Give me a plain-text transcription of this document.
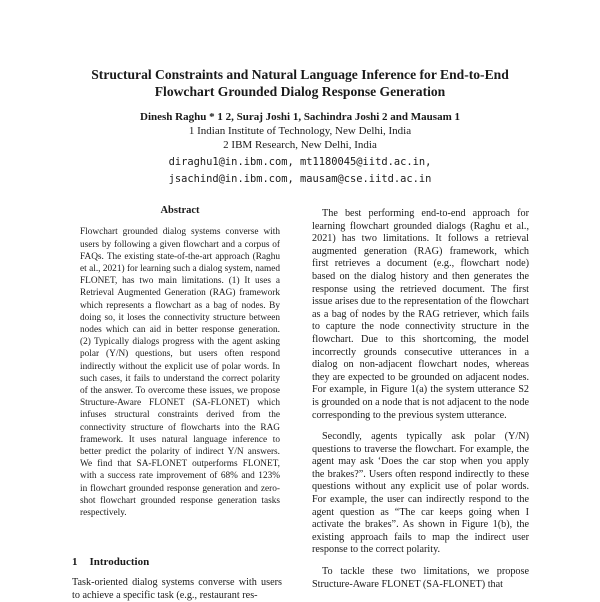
Structural Constraints and Natural Language Inference for End-to-End
Flowchart Grounded Dialog Response Generation
Dinesh Raghu * 1 2, Suraj Joshi 1, Sachindra Joshi 2 and Mausam 1
1 Indian Institute of Technology, New Delhi, India
2 IBM Research, New Delhi, India
diraghu1@in.ibm.com, mt1180045@iitd.ac.in,
jsachind@in.ibm.com, mausam@cse.iitd.ac.in
Abstract

Flowchart grounded dialog systems converse with users by following a given flowchart and a corpus of FAQs. The existing state-of-the-art approach (Raghu et al., 2021) for learning such a dialog system, named FLONET, has two main limitations. (1) It uses a Retrieval Augmented Generation (RAG) framework which represents a flowchart as a bag of nodes. By doing so, it loses the connectivity structure between nodes which can aid in better response generation. (2) Typically dialogs progress with the agent asking polar (Y/N) questions, but users often respond indirectly without the explicit use of polar words. In such cases, it fails to understand the correct polarity of the answer. To overcome these issues, we propose Structure-Aware FLONET (SA-FLONET) which infuses structural constraints derived from the connectivity structure of flowcharts into the RAG framework. It uses natural language inference to better predict the polarity of indirect Y/N answers. We find that SA-FLONET outperforms FLONET, with a success rate improvement of 68% and 123% in flowchart grounded response generation and zero-shot flowchart grounded response generation tasks respectively.

1 Introduction

Task-oriented dialog systems converse with users to achieve a specific task (e.g., restaurant res-

The best performing end-to-end approach for learning flowchart grounded dialogs (Raghu et al., 2021) has two limitations. It follows a retrieval augmented generation (RAG) framework, which first retrieves a document (e.g., flowchart node) based on the dialog history and then generates the response using the retrieved document. The first issue arises due to the representation of the flowchart as a bag of nodes by the RAG retriever, which fails to capture the node connectivity structure in the flowchart. Due to this shortcoming, the model incorrectly grounds consecutive utterances in a dialog on non-adjacent flowchart nodes, whereas they are expected to be grounded on adjacent nodes. For example, in Figure 1(a) the system utterance S2 is grounded on a node that is not adjacent to the node corresponding to the previous system utterance.

Secondly, agents typically ask polar (Y/N) questions to traverse the flowchart. For example, the agent may ask ‘Does the car stop when you apply the brakes?”. Users often respond indirectly to these questions without any explicit use of polar words. For example, the user can indirectly respond to the agent question as “The car keeps going when I activate the brakes”. As shown in Figure 1(b), the existing approach fails to map the indirect user response to the correct polarity.

To tackle these two limitations, we propose Structure-Aware FLONET (SA-FLONET) that
